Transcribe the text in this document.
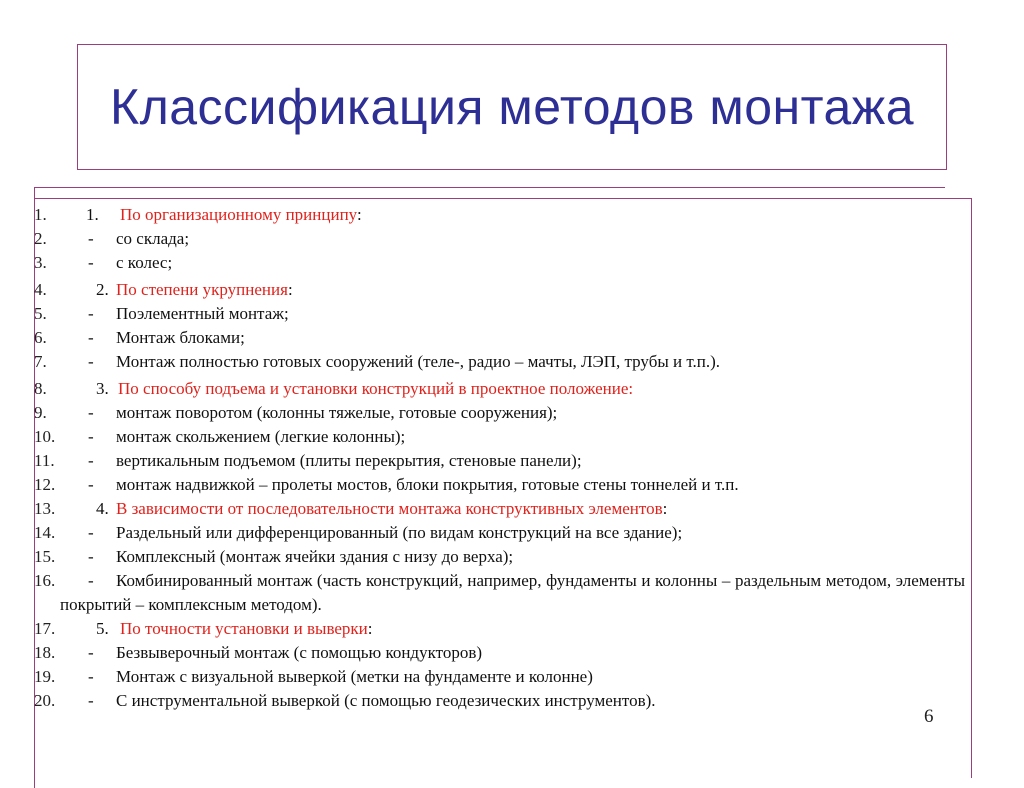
Классификация методов монтажа
1.	1. По организационному принципу:
2.	- со склада;
3.	- с колес;
4.	2. По степени укрупнения:
5.	- Поэлементный монтаж;
6.	- Монтаж блоками;
7.	- Монтаж полностью готовых сооружений (теле-, радио – мачты, ЛЭП, трубы и т.п.).
8.	3. По способу подъема и установки конструкций в проектное положение:
9.	- монтаж поворотом (колонны тяжелые, готовые сооружения);
10.	- монтаж скольжением (легкие колонны);
11.	- вертикальным подъемом (плиты перекрытия, стеновые панели);
12.	- монтаж надвижкой – пролеты мостов, блоки покрытия, готовые стены тоннелей и т.п.
13.	4. В зависимости от последовательности монтажа конструктивных элементов:
14.	- Раздельный или дифференцированный (по видам конструкций на все здание);
15.	- Комплексный (монтаж ячейки здания с низу до верха);
16.	-	Комбинированный монтаж (часть конструкций, например, фундаменты и колонны – раздельным методом, элементы покрытий – комплексным методом).
17.	5. По точности установки и выверки:
18.	- Безвыверочный монтаж (с помощью кондукторов)
19.	- Монтаж с визуальной выверкой (метки на фундаменте и колонне)
20.	- С инструментальной выверкой (с помощью геодезических инструментов).
6
